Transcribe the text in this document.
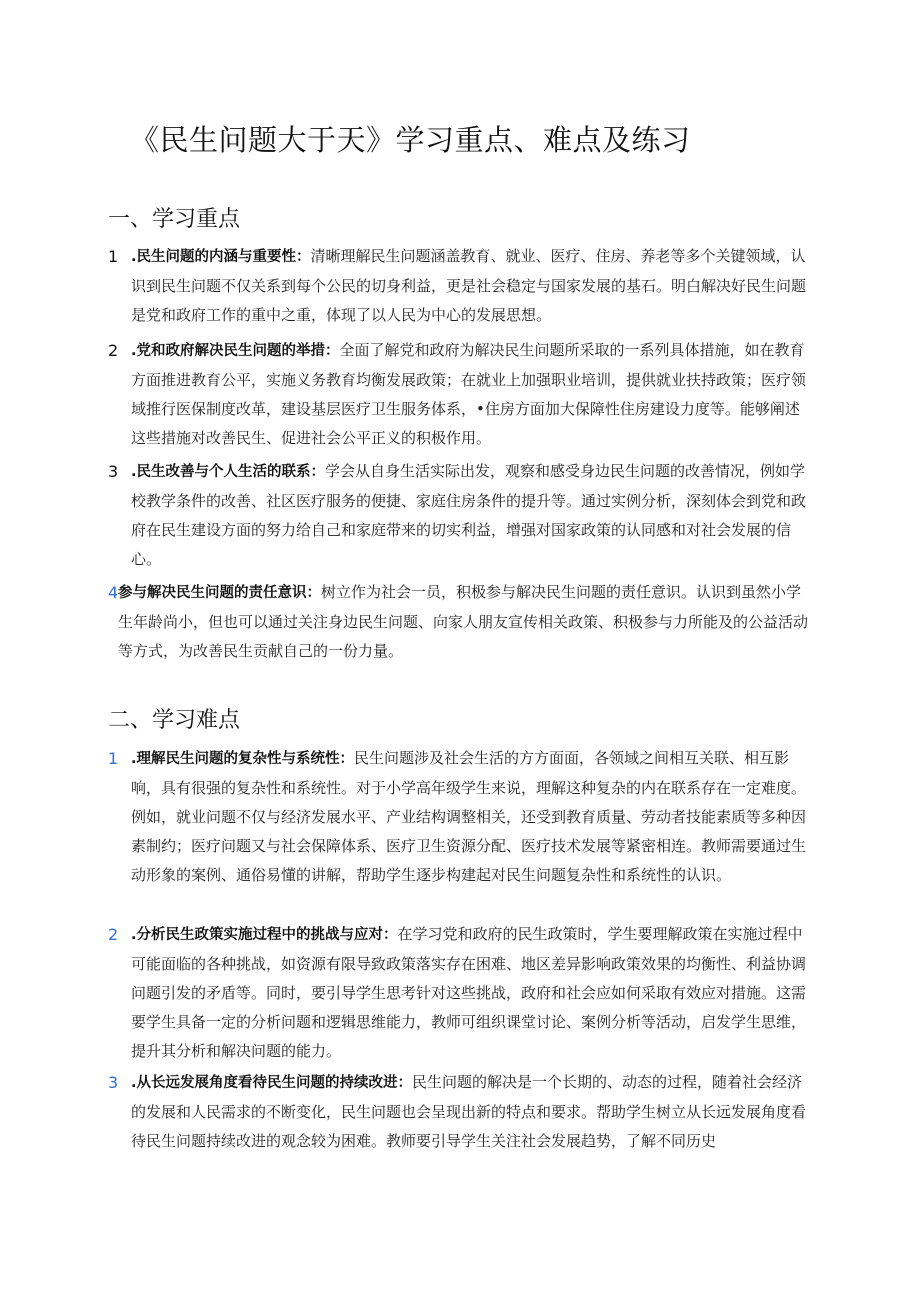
《民生问题大于天》学习重点、难点及练习
一、学习重点
1 .民生问题的内涵与重要性：清晰理解民生问题涵盖教育、就业、医疗、住房、养老等多个关键领域，认识到民生问题不仅关系到每个公民的切身利益，更是社会稳定与国家发展的基石。明白解决好民生问题是党和政府工作的重中之重，体现了以人民为中心的发展思想。
2 .党和政府解决民生问题的举措：全面了解党和政府为解决民生问题所采取的一系列具体措施，如在教育方面推进教育公平，实施义务教育均衡发展政策；在就业上加强职业培训，提供就业扶持政策；医疗领域推行医保制度改革，建设基层医疗卫生服务体系，•住房方面加大保障性住房建设力度等。能够阐述这些措施对改善民生、促进社会公平正义的积极作用。
3 .民生改善与个人生活的联系：学会从自身生活实际出发，观察和感受身边民生问题的改善情况，例如学校教学条件的改善、社区医疗服务的便捷、家庭住房条件的提升等。通过实例分析，深刻体会到党和政府在民生建设方面的努力给自己和家庭带来的切实利益，增强对国家政策的认同感和对社会发展的信心。
4 参与解决民生问题的责任意识：树立作为社会一员，积极参与解决民生问题的责任意识。认识到虽然小学生年龄尚小，但也可以通过关注身边民生问题、向家人朋友宣传相关政策、积极参与力所能及的公益活动等方式，为改善民生贡献自己的一份力量。
二、学习难点
1 .理解民生问题的复杂性与系统性：民生问题涉及社会生活的方方面面，各领域之间相互关联、相互影响，具有很强的复杂性和系统性。对于小学高年级学生来说，理解这种复杂的内在联系存在一定难度。例如，就业问题不仅与经济发展水平、产业结构调整相关，还受到教育质量、劳动者技能素质等多种因素制约；医疗问题又与社会保障体系、医疗卫生资源分配、医疗技术发展等紧密相连。教师需要通过生动形象的案例、通俗易懂的讲解，帮助学生逐步构建起对民生问题复杂性和系统性的认识。
2 .分析民生政策实施过程中的挑战与应对：在学习党和政府的民生政策时，学生要理解政策在实施过程中可能面临的各种挑战，如资源有限导致政策落实存在困难、地区差异影响政策效果的均衡性、利益协调问题引发的矛盾等。同时，要引导学生思考针对这些挑战，政府和社会应如何采取有效应对措施。这需要学生具备一定的分析问题和逻辑思维能力，教师可组织课堂讨论、案例分析等活动，启发学生思维，提升其分析和解决问题的能力。
3 .从长远发展角度看待民生问题的持续改进：民生问题的解决是一个长期的、动态的过程，随着社会经济的发展和人民需求的不断变化，民生问题也会呈现出新的特点和要求。帮助学生树立从长远发展角度看待民生问题持续改进的观念较为困难。教师要引导学生关注社会发展趋势，了解不同历史
